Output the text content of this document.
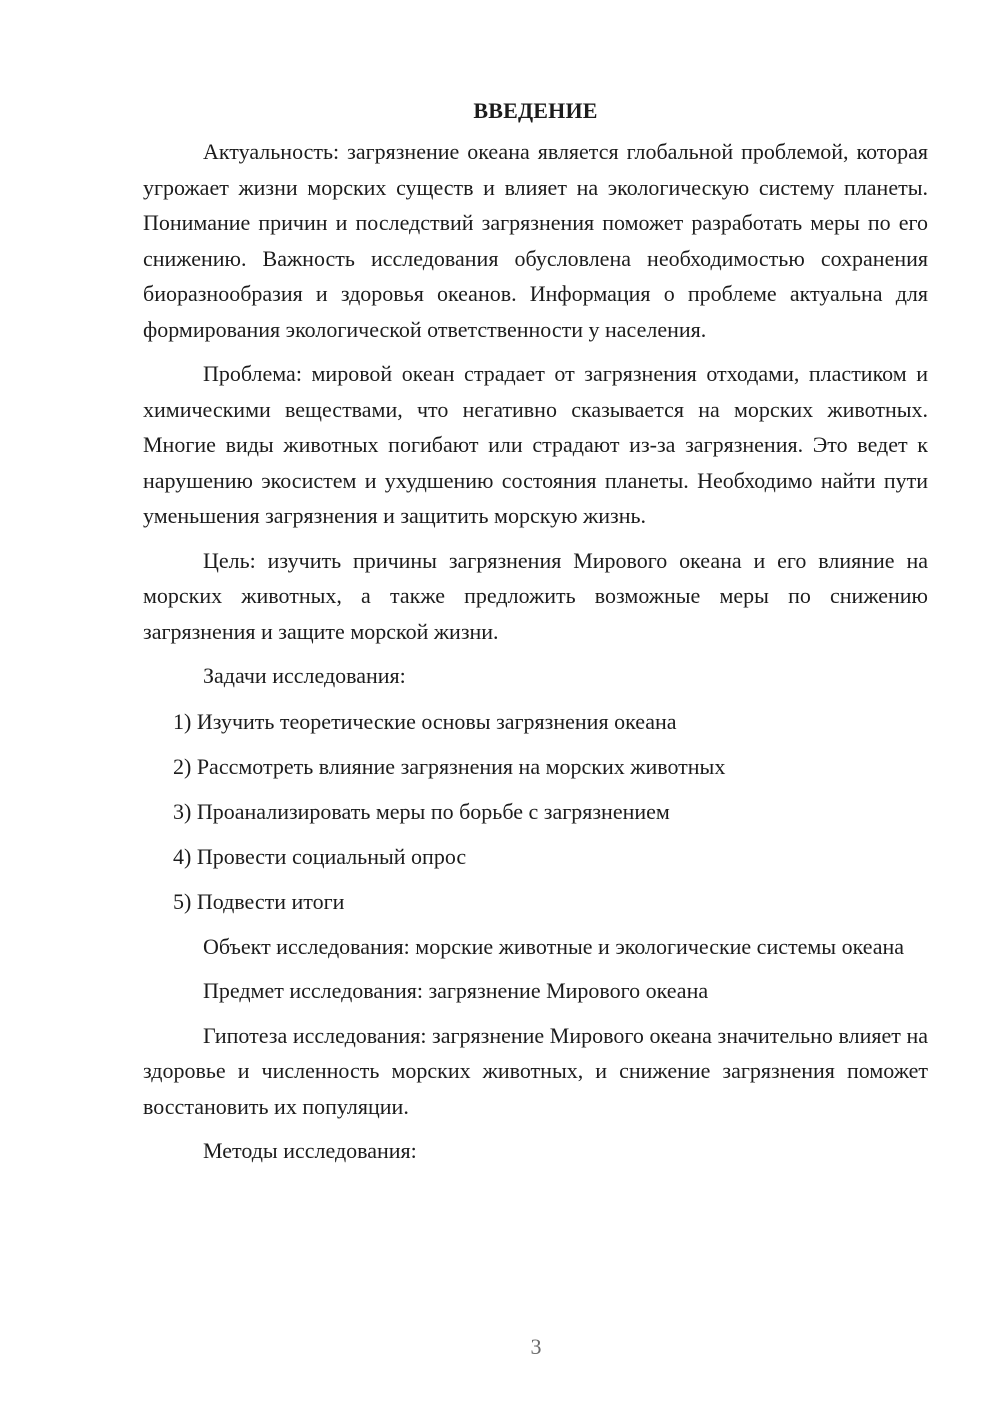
ВВЕДЕНИЕ

Актуальность: загрязнение океана является глобальной проблемой, которая угрожает жизни морских существ и влияет на экологическую систему планеты. Понимание причин и последствий загрязнения поможет разработать меры по его снижению. Важность исследования обусловлена необходимостью сохранения биоразнообразия и здоровья океанов. Информация о проблеме актуальна для формирования экологической ответственности у населения.

Проблема: мировой океан страдает от загрязнения отходами, пластиком и химическими веществами, что негативно сказывается на морских животных. Многие виды животных погибают или страдают из-за загрязнения. Это ведет к нарушению экосистем и ухудшению состояния планеты. Необходимо найти пути уменьшения загрязнения и защитить морскую жизнь.

Цель: изучить причины загрязнения Мирового океана и его влияние на морских животных, а также предложить возможные меры по снижению загрязнения и защите морской жизни.

Задачи исследования:

1) Изучить теоретические основы загрязнения океана
2) Рассмотреть влияние загрязнения на морских животных
3) Проанализировать меры по борьбе с загрязнением
4) Провести социальный опрос
5) Подвести итоги

Объект исследования: морские животные и экологические системы океана

Предмет исследования: загрязнение Мирового океана

Гипотеза исследования: загрязнение Мирового океана значительно влияет на здоровье и численность морских животных, и снижение загрязнения поможет восстановить их популяции.

Методы исследования:

3
